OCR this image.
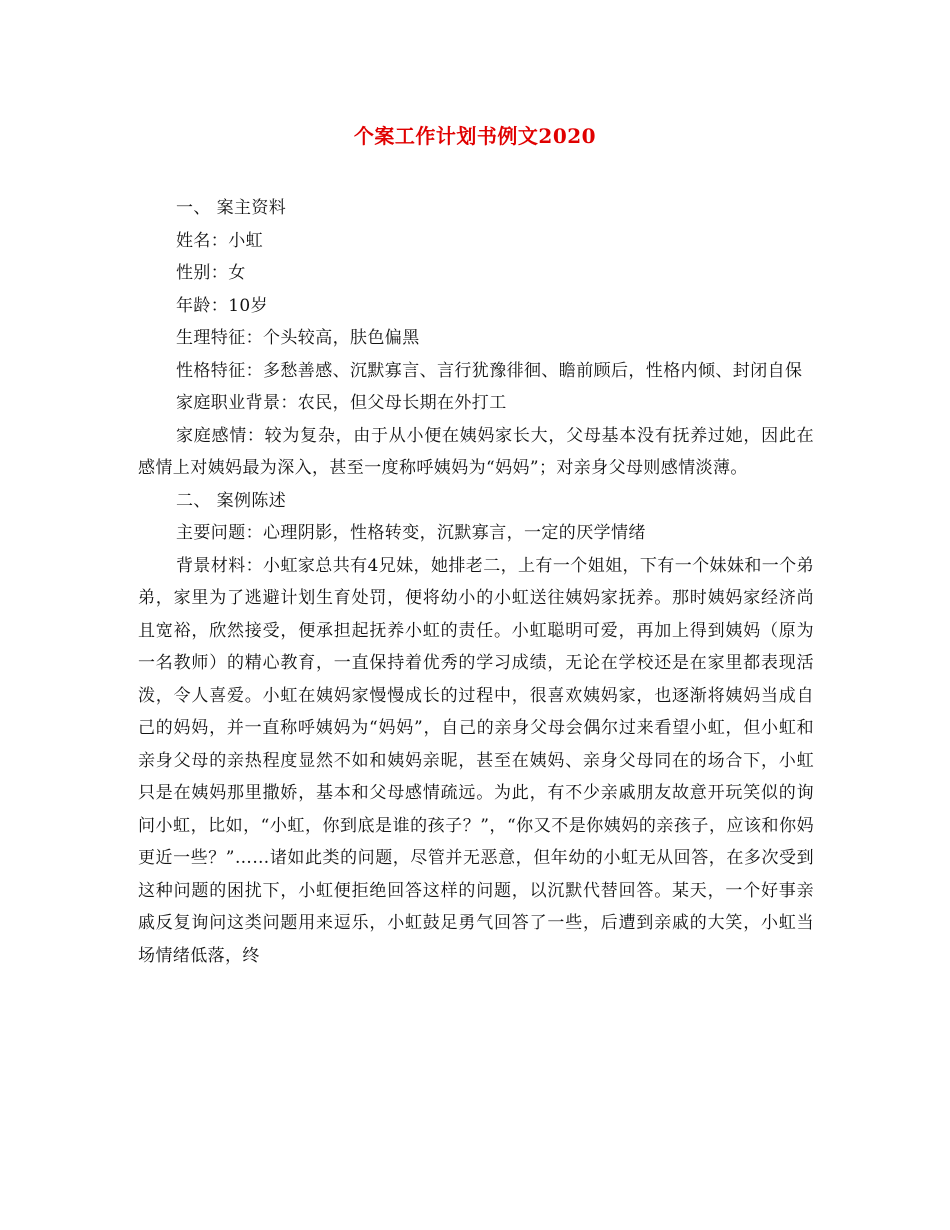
个案工作计划书例文2020

一、 案主资料

姓名：小虹

性别：女

年龄：10岁

生理特征：个头较高，肤色偏黑

性格特征：多愁善感、沉默寡言、言行犹豫徘徊、瞻前顾后，性格内倾、封闭自保

家庭职业背景：农民，但父母长期在外打工

家庭感情：较为复杂，由于从小便在姨妈家长大，父母基本没有抚养过她，因此在感情上对姨妈最为深入，甚至一度称呼姨妈为“妈妈”；对亲身父母则感情淡薄。

二、 案例陈述

主要问题：心理阴影，性格转变，沉默寡言，一定的厌学情绪

背景材料：小虹家总共有4兄妹，她排老二，上有一个姐姐，下有一个妹妹和一个弟弟，家里为了逃避计划生育处罚，便将幼小的小虹送往姨妈家抚养。那时姨妈家经济尚且宽裕，欣然接受，便承担起抚养小虹的责任。小虹聪明可爱，再加上得到姨妈（原为一名教师）的精心教育，一直保持着优秀的学习成绩，无论在学校还是在家里都表现活泼，令人喜爱。小虹在姨妈家慢慢成长的过程中，很喜欢姨妈家，也逐渐将姨妈当成自己的妈妈，并一直称呼姨妈为“妈妈”，自己的亲身父母会偶尔过来看望小虹，但小虹和亲身父母的亲热程度显然不如和姨妈亲昵，甚至在姨妈、亲身父母同在的场合下，小虹只是在姨妈那里撒娇，基本和父母感情疏远。为此，有不少亲戚朋友故意开玩笑似的询问小虹，比如，“小虹，你到底是谁的孩子？”，“你又不是你姨妈的亲孩子，应该和你妈更近一些？”……诸如此类的问题，尽管并无恶意，但年幼的小虹无从回答，在多次受到这种问题的困扰下，小虹便拒绝回答这样的问题，以沉默代替回答。某天，一个好事亲戚反复询问这类问题用来逗乐，小虹鼓足勇气回答了一些，后遭到亲戚的大笑，小虹当场情绪低落，终
